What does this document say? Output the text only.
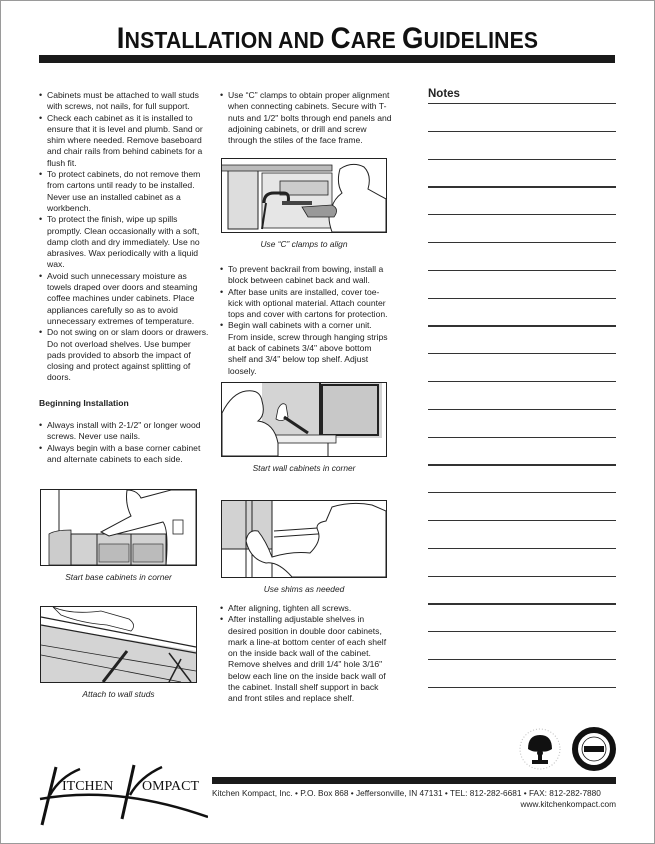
INSTALLATION AND CARE GUIDELINES
• Cabinets must be attached to wall studs with screws, not nails, for full support.
• Check each cabinet as it is installed to ensure that it is level and plumb. Sand or shim where needed. Remove baseboard and chair rails from behind cabinets for a flush fit.
• To protect cabinets, do not remove them from cartons until ready to be installed. Never use an installed cabinet as a workbench.
• To protect the finish, wipe up spills promptly. Clean occasionally with a soft, damp cloth and dry immediately. Use no abrasives. Wax periodically with a liquid wax.
• Avoid such unnecessary moisture as towels draped over doors and steaming coffee machines under cabinets. Place appliances carefully so as to avoid unnecessary extremes of temperature.
• Do not swing on or slam doors or drawers. Do not overload shelves. Use bumper pads provided to absorb the impact of closing and protect against splitting of doors.
Beginning Installation
• Always install with 2-1/2" or longer wood screws. Never use nails.
• Always begin with a base corner cabinet and alternate cabinets to each side.
• Use “C” clamps to obtain proper alignment when connecting cabinets. Secure with T-nuts and 1/2" bolts through end panels and adjoining cabinets, or drill and screw through the stiles of the face frame.
• To prevent backrail from bowing, install a block between cabinet back and wall.
• After base units are installed, cover toe-kick with optional material. Attach counter tops and cover with cartons for protection.
• Begin wall cabinets with a corner unit. From inside, screw through hanging strips at back of cabinets 3/4" above bottom shelf and 3/4" below top shelf. Adjust loosely.
• After aligning, tighten all screws.
• After installing adjustable shelves in desired position in double door cabinets, mark a line-at bottom center of each shelf on the inside back wall of the cabinet. Remove shelves and drill 1/4" hole 3/16" below each line on the inside back wall of the cabinet. Install shelf support in back and front stiles and replace shelf.
Use “C” clamps to align
Start wall cabinets in corner
Start base cabinets in corner
Use shims as needed
Attach to wall studs
Notes
ITCHEN OMPACT Kitchen Kompact, Inc. • P.O. Box 868 • Jeffersonville, IN 47131 • TEL: 812-282-6681 • FAX: 812-282-7880
www.kitchenkompact.com
